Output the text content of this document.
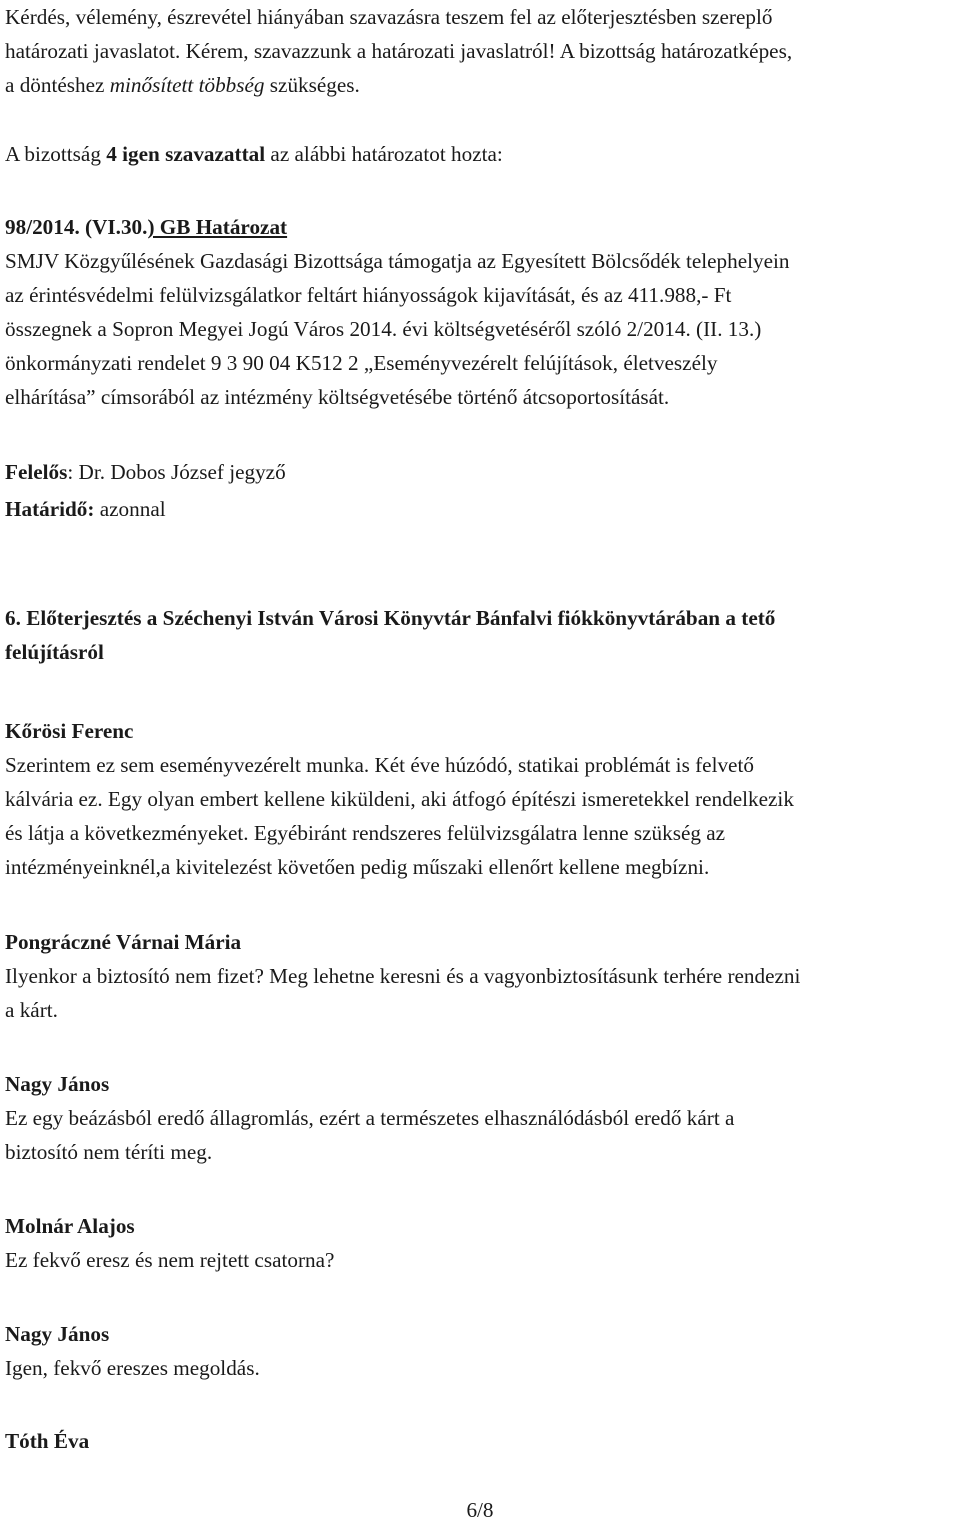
Kérdés, vélemény, észrevétel hiányában szavazásra teszem fel az előterjesztésben szereplő

határozati javaslatot. Kérem, szavazzunk a határozati javaslatról! A bizottság határozatképes,

a döntéshez minősített többség szükséges.

A bizottság 4 igen szavazattal az alábbi határozatot hozta:

98/2014. (VI.30.) GB Határozat

SMJV Közgyűlésének Gazdasági Bizottsága támogatja az Egyesített Bölcsődék telephelyein

az érintésvédelmi felülvizsgálatkor feltárt hiányosságok kijavítását, és az 411.988,- Ft

összegnek a Sopron Megyei Jogú Város 2014. évi költségvetéséről szóló 2/2014. (II. 13.)

önkormányzati rendelet 9 3 90 04 K512 2 „Eseményvezérelt felújítások, életveszély

elhárítása” címsorából az intézmény költségvetésébe történő átcsoportosítását.

Felelős: Dr. Dobos József jegyző

Határidő: azonnal

6. Előterjesztés a Széchenyi István Városi Könyvtár Bánfalvi fiókkönyvtárában a tető

felújításról

Kőrösi Ferenc

Szerintem ez sem eseményvezérelt munka. Két éve húzódó, statikai problémát is felvető

kálvária ez. Egy olyan embert kellene kiküldeni, aki átfogó építészi ismeretekkel rendelkezik

és látja a következményeket. Egyébiránt rendszeres felülvizsgálatra lenne szükség az

intézményeinknél,a kivitelezést követően pedig műszaki ellenőrt kellene megbízni.

Pongráczné Várnai Mária

Ilyenkor a biztosító nem fizet? Meg lehetne keresni és a vagyonbiztosításunk terhére rendezni

a kárt.

Nagy János

Ez egy beázásból eredő állagromlás, ezért a természetes elhasználódásból eredő kárt a

biztosító nem téríti meg.

Molnár Alajos

Ez fekvő eresz és nem rejtett csatorna?

Nagy János

Igen, fekvő ereszes megoldás.

Tóth Éva

6/8
